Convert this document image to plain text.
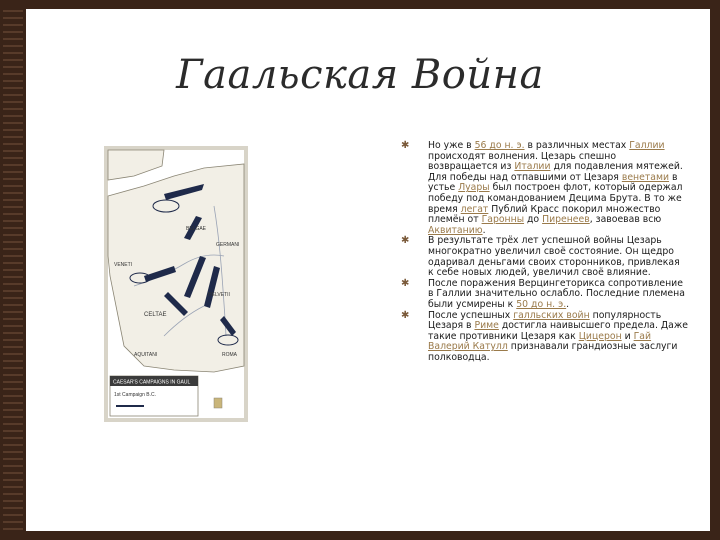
Гаальская Война
BELGAE
VENETI
CELTAE
GERMANI
AQUITANI
HELVETII
ROMA
CAESAR'S CAMPAIGNS IN GAUL
1st Campaign B.C.
✱ Но уже в 56 до н. э. в различных местах Галлии происходят волнения. Цезарь спешно возвращается из Италии для подавления мятежей. Для победы над отпавшими от Цезаря венетами в устье Луары был построен флот, который одержал победу под командованием Децима Брута. В то же время легат Публий Красс покорил множество племён от Гаронны до Пиренеев, завоевав всю Аквитанию.
✱ В результате трёх лет успешной войны Цезарь многократно увеличил своё состояние. Он щедро одаривал деньгами своих сторонников, привлекая к себе новых людей, увеличил своё влияние.
✱ После поражения Верцингеторикса сопротивление в Галлии значительно ослабло. Последние племена были усмирены к 50 до н. э..
✱ После успешных галльских войн популярность Цезаря в Риме достигла наивысшего предела. Даже такие противники Цезаря как Цицерон и Гай Валерий Катулл признавали грандиозные заслуги полководца.
